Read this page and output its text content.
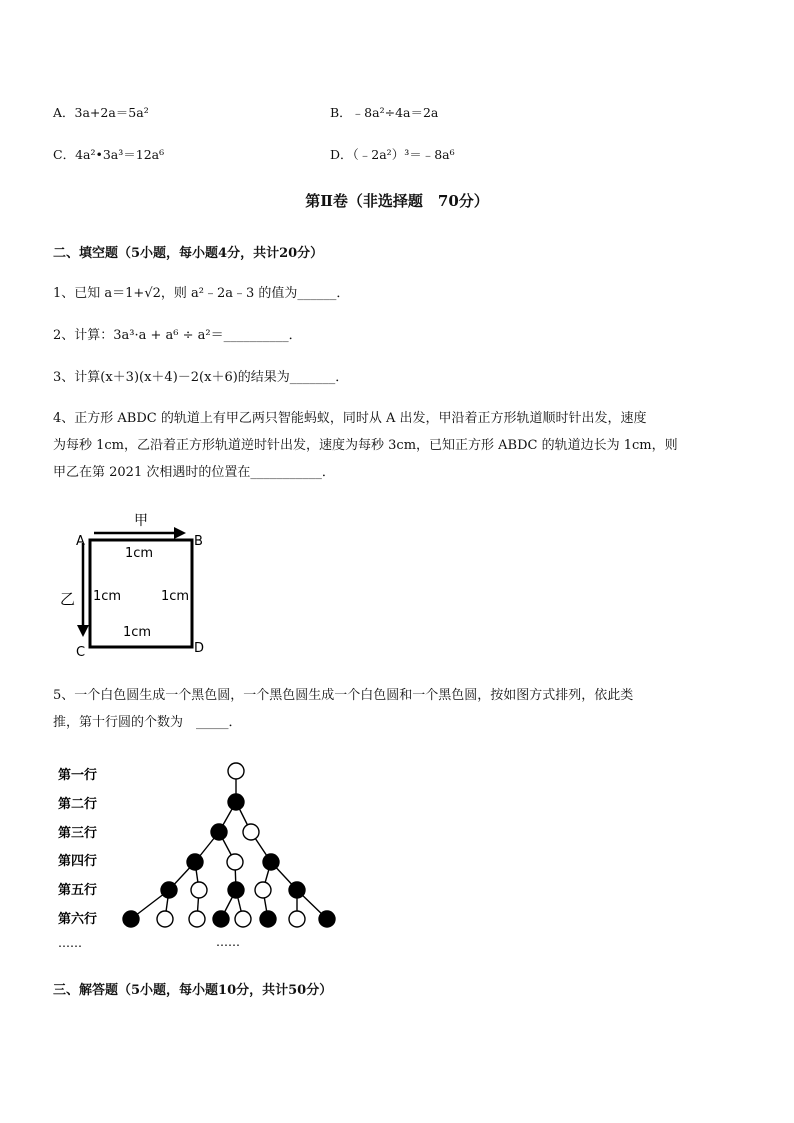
A．3a+2a＝5a²	B．﹣8a²÷4a＝2a
C．4a²•3a³＝12a⁶	D．（﹣2a²）³＝﹣8a⁶
第Ⅱ卷（非选择题　70分）
二、填空题（5小题，每小题4分，共计20分）
1、已知 a＝1+√2，则 a²﹣2a﹣3 的值为______．
2、计算：3a³·a + a⁶ ÷ a²＝__________．
3、计算(x＋3)(x＋4)－2(x＋6)的结果为_______．
4、正方形 ABDC 的轨道上有甲乙两只智能蚂蚁，同时从 A 出发，甲沿着正方形轨道顺时针出发，速度
为每秒 1cm，乙沿着正方形轨道逆时针出发，速度为每秒 3cm，已知正方形 ABDC 的轨道边长为 1cm，则
甲乙在第 2021 次相遇时的位置在___________．
A	B
C	D
甲
乙
1cm
1cm	1cm
1cm
5、一个白色圆生成一个黑色圆，一个黑色圆生成一个白色圆和一个黑色圆，按如图方式排列，依此类
推，第十行圆的个数为　_____．
第一行
第二行
第三行
第四行
第五行
第六行
……	……
三、解答题（5小题，每小题10分，共计50分）
